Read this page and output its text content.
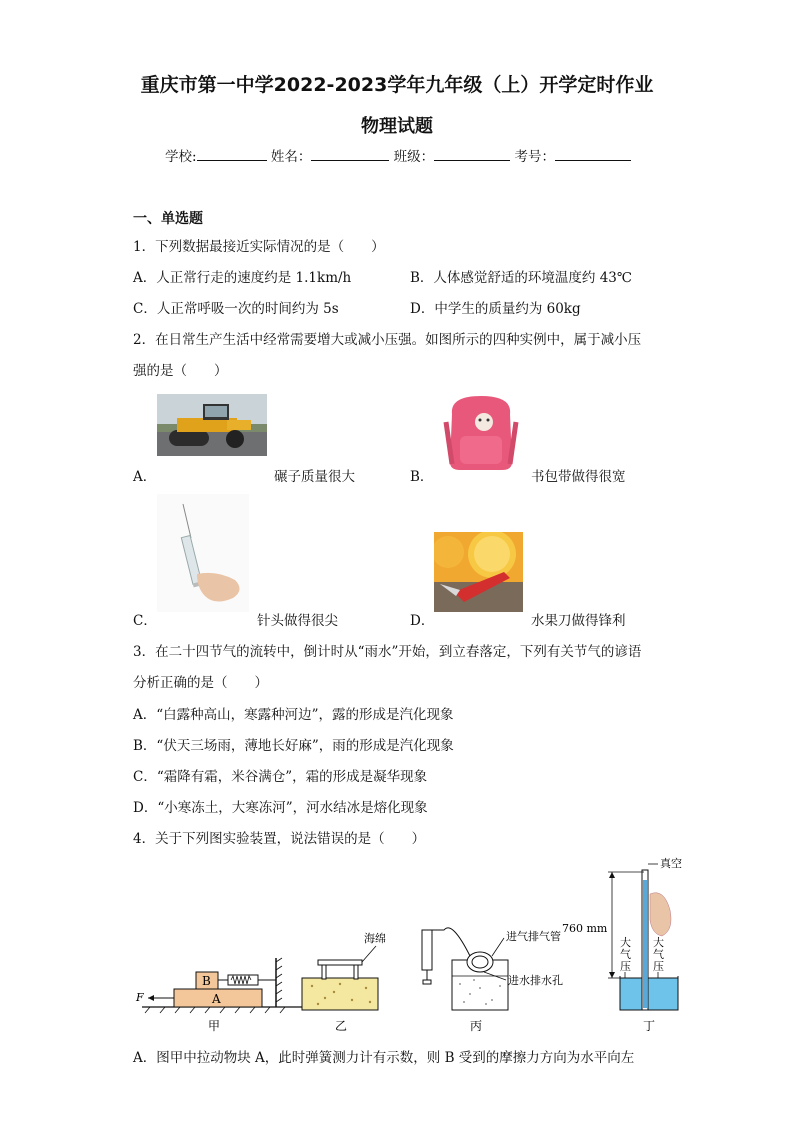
重庆市第一中学2022-2023学年九年级（上）开学定时作业
物理试题
学校:	姓名：	班级：	考号：
一、单选题
1．下列数据最接近实际情况的是（　　）
A．人正常行走的速度约是 1.1km/h	B．人体感觉舒适的环境温度约 43℃
C．人正常呼吸一次的时间约为 5s	D．中学生的质量约为 60kg
2．在日常生产生活中经常需要增大或减小压强。如图所示的四种实例中，属于减小压
强的是（　　）
A．	碾子质量很大	B．	书包带做得很宽
C．	针头做得很尖	D．	水果刀做得锋利
3．在二十四节气的流转中，倒计时从“雨水”开始，到立春落定，下列有关节气的谚语
分析正确的是（　　）
A．“白露种高山，寒露种河边”，露的形成是汽化现象
B．“伏天三场雨，薄地长好麻”，雨的形成是汽化现象
C．“霜降有霜，米谷满仓”，霜的形成是凝华现象
D．“小寒冻土，大寒冻河”，河水结冰是熔化现象
4．关于下列图实验装置，说法错误的是（　　）
A
B
F
甲
海绵
乙
进气排气管
进水排水孔
丙
真空
760 mm
大
气
压
大
气
压
丁
A．图甲中拉动物块 A，此时弹簧测力计有示数，则 B 受到的摩擦力方向为水平向左
